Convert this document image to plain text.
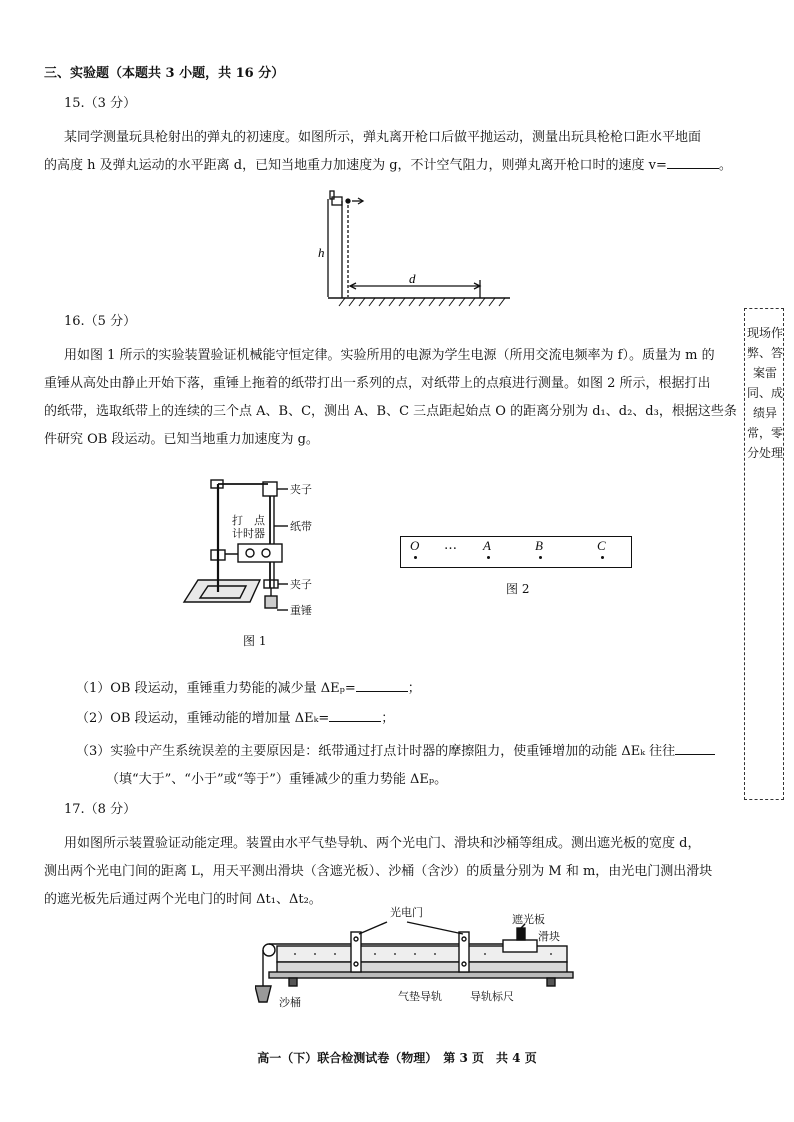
三、实验题（本题共 3 小题，共 16 分）
15.（3 分）
某同学测量玩具枪射出的弹丸的初速度。如图所示，弹丸离开枪口后做平抛运动，测量出玩具枪枪口距水平地面
的高度 h 及弹丸运动的水平距离 d，已知当地重力加速度为 g，不计空气阻力，则弹丸离开枪口时的速度 v=	。
h
d
16.（5 分）
用如图 1 所示的实验装置验证机械能守恒定律。实验所用的电源为学生电源（所用交流电频率为 f）。质量为 m 的
重锤从高处由静止开始下落，重锤上拖着的纸带打出一系列的点，对纸带上的点痕进行测量。如图 2 所示，根据打出
的纸带，选取纸带上的连续的三个点 A、B、C，测出 A、B、C 三点距起始点 O 的距离分别为 d₁、d₂、d₃，根据这些条
件研究 OB 段运动。已知当地重力加速度为 g。
夹子
打　点
计时器
纸带
夹子
重锤
图 1
O … A	B	C
图 2
（1）OB 段运动，重锤重力势能的减少量 ΔEₚ=	；
（2）OB 段运动，重锤动能的增加量 ΔEₖ=	；
（3）实验中产生系统误差的主要原因是：纸带通过打点计时器的摩擦阻力，使重锤增加的动能 ΔEₖ 往往
（填“大于”、“小于”或“等于”）重锤减少的重力势能 ΔEₚ。
17.（8 分）
用如图所示装置验证动能定理。装置由水平气垫导轨、两个光电门、滑块和沙桶等组成。测出遮光板的宽度 d，
测出两个光电门间的距离 L，用天平测出滑块（含遮光板）、沙桶（含沙）的质量分别为 M 和 m，由光电门测出滑块
的遮光板先后通过两个光电门的时间 Δt₁、Δt₂。
光电门
遮光板
滑块
沙桶	气垫导轨	导轨标尺
现场作弊、答案雷同、成绩异常，零分处理
高一（下）联合检测试卷（物理）　第 3 页　共 4 页
